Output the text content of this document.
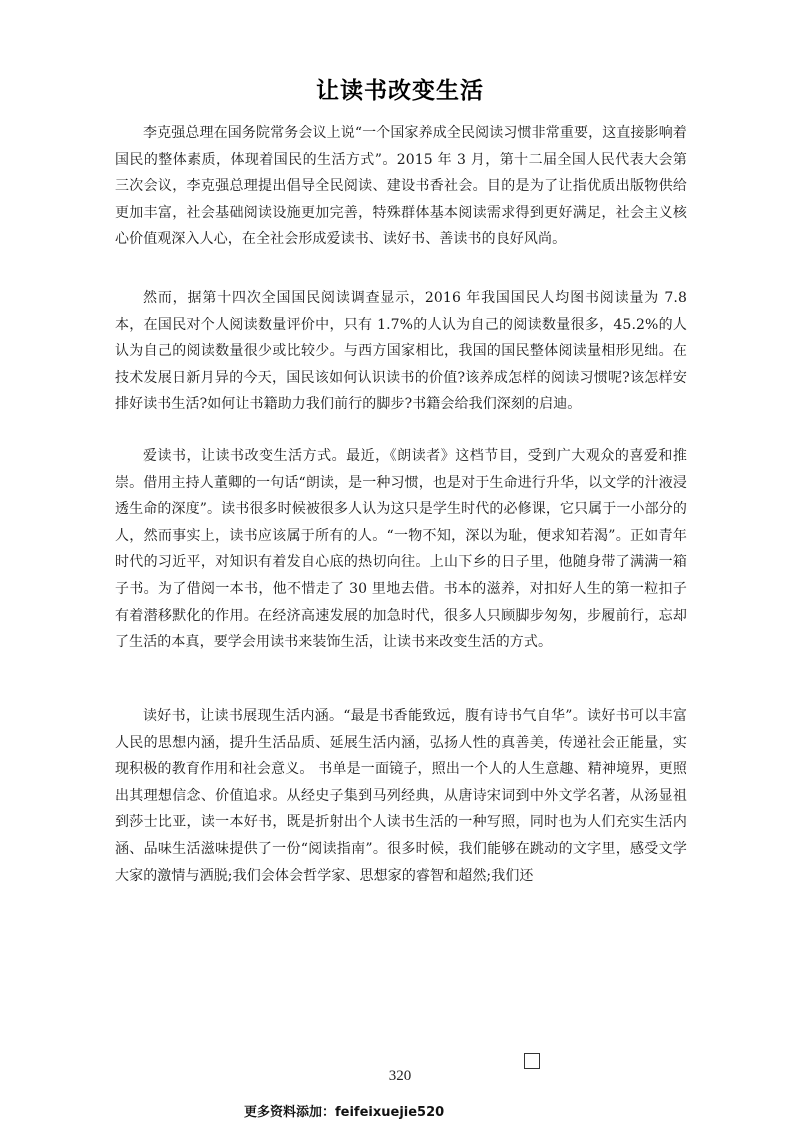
让读书改变生活

李克强总理在国务院常务会议上说“一个国家养成全民阅读习惯非常重要，这直接影响着国民的整体素质，体现着国民的生活方式”。2015 年 3 月，第十二届全国人民代表大会第三次会议，李克强总理提出倡导全民阅读、建设书香社会。目的是为了让指优质出版物供给更加丰富，社会基础阅读设施更加完善，特殊群体基本阅读需求得到更好满足，社会主义核心价值观深入人心，在全社会形成爱读书、读好书、善读书的良好风尚。

然而，据第十四次全国国民阅读调查显示，2016 年我国国民人均图书阅读量为 7.8 本，在国民对个人阅读数量评价中，只有 1.7%的人认为自己的阅读数量很多，45.2%的人认为自己的阅读数量很少或比较少。与西方国家相比，我国的国民整体阅读量相形见绌。在技术发展日新月异的今天，国民该如何认识读书的价值?该养成怎样的阅读习惯呢?该怎样安排好读书生活?如何让书籍助力我们前行的脚步?书籍会给我们深刻的启迪。

爱读书，让读书改变生活方式。最近，《朗读者》这档节目，受到广大观众的喜爱和推崇。借用主持人董卿的一句话“朗读，是一种习惯，也是对于生命进行升华，以文学的汁液浸透生命的深度”。读书很多时候被很多人认为这只是学生时代的必修课，它只属于一小部分的人，然而事实上，读书应该属于所有的人。“一物不知，深以为耻，便求知若渴”。正如青年时代的习近平，对知识有着发自心底的热切向往。上山下乡的日子里，他随身带了满满一箱子书。为了借阅一本书，他不惜走了 30 里地去借。书本的滋养，对扣好人生的第一粒扣子有着潜移默化的作用。在经济高速发展的加急时代，很多人只顾脚步匆匆，步履前行，忘却了生活的本真，要学会用读书来装饰生活，让读书来改变生活的方式。

读好书，让读书展现生活内涵。“最是书香能致远，腹有诗书气自华”。读好书可以丰富人民的思想内涵，提升生活品质、延展生活内涵，弘扬人性的真善美，传递社会正能量，实现积极的教育作用和社会意义。 书单是一面镜子，照出一个人的人生意趣、精神境界，更照出其理想信念、价值追求。从经史子集到马列经典，从唐诗宋词到中外文学名著，从汤显祖到莎士比亚，读一本好书，既是折射出个人读书生活的一种写照，同时也为人们充实生活内涵、品味生活滋味提供了一份“阅读指南”。很多时候，我们能够在跳动的文字里，感受文学大家的激情与洒脱;我们会体会哲学家、思想家的睿智和超然;我们还

320
更多资料添加：feifeixuejie520
